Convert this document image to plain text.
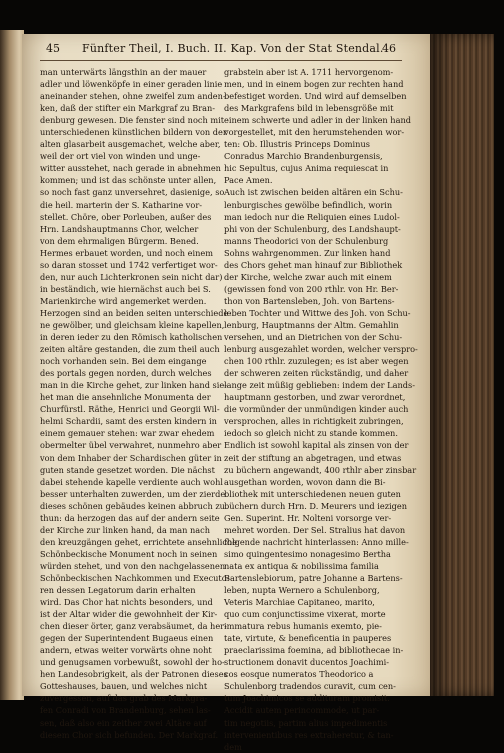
45 Fünfter Theil, I. Buch. II. Kap. Von der Stat Stendal.
46
man unterwärts längsthin an der mauer
adler und löwenköpfe in einer geraden linie
aneinander stehen, ohne zweifel zum anden-
ken, daß der stifter ein Markgraf zu Bran-
denburg gewesen. Die fenster sind noch mit
unterschiedenen künstlichen bildern von der
alten glasarbeit ausgemachet, welche aber,
weil der ort viel von winden und unge-
witter ausstehet, nach gerade in abnehmen
kommen; und ist das schönste unter allen,
so noch fast ganz unversehret, dasienige, so
die heil. marterin der S. Katharine vor-
stellet. Chöre, ober Porleuben, außer des
Hrn. Landshauptmanns Chor, welcher
von dem ehrmaligen Bürgerm. Bened.
Hermes erbauet worden, und noch einem
so daran stosset und 1742 verfertiget wor-
den, nur auch Lichterkronen sein nicht dar)
in beständich, wie hiernächst auch bei S.
Marienkirche wird angemerket werden.
Herzogen sind an beiden seiten unterschiede-
ne gewölber, und gleichsam kleine kapellen,
in deren ieder zu den Römisch katholischen
zeiten altäre gestanden, die zum theil auch
noch vorhanden sein. Bei dem eingange
des portals gegen norden, durch welches
man in die Kirche gehet, zur linken hand sie-
het man die ansehnliche Monumenta der
Churfürstl. Räthe, Henrici und Georgii Wil-
helmi Schardii, samt des ersten kindern in
einem gemauer stehen: war zwar ehedem
obermelter übel verwahret, nunmehro aber
von dem Inhaber der Schardischen güter in
guten stande gesetzet worden. Die nächst
dabei stehende kapelle verdiente auch wohl
besser unterhalten zuwerden, um der zierde
dieses schönen gebäudes keinen abbruch zu
thun: da herzogen das auf der andern seite
der Kirche zur linken hand, da man nach
den kreuzgängen gehet, errichtete ansehnliche
Schönbeckische Monument noch in seinen
würden stehet, und von den nachgelassenen
Schönbeckischen Nachkommen und Executo-
ren dessen Legatorum darin erhalten
wird. Das Chor hat nichts besonders, und
ist der Altar wider die gewohnheit der Kir-
chen dieser örter, ganz verabsäumet, da her-
gegen der Superintendent Bugaeus einen
andern, etwas weiter vorwärts ohne noht
und genugsamen vorbewußt, sowohl der ho-
hen Landesobrigkeit, als der Patronen dieses
Gotteshauses, bauen, und welches nicht
zuvergessen, auf das grab des Markgra-
fen Conradi von Brandenburg, sehen las-
sen, daß also ein zeither zwei Altäre auf
diesem Chor sich befunden. Der Markgraf.
grabstein aber ist A. 1711 hervorgenom-
men, und in einem bogen zur rechten hand
befestiget worden. Und wird auf demselben
des Markgrafens bild in lebensgröße mit
einem schwerte und adler in der linken hand
vorgestellet, mit den herumstehenden wor-
ten: Ob. Illustris Princeps Dominus
Conradus Marchio Brandenburgensis,
hic Sepultus, cujus Anima requiescat in
Pace Amen.
Auch ist zwischen beiden altären ein Schu-
lenburgisches gewölbe befindlich, worin
man iedoch nur die Reliquien eines Ludol-
phi von der Schulenburg, des Landshaupt-
manns Theodorici von der Schulenburg
Sohns wahrgenommen. Zur linken hand
des Chors gehet man hinauf zur Bibliothek
der Kirche, welche zwar auch mit einem
(gewissen fond von 200 rthlr. von Hr. Ber-
thon von Bartensleben, Joh. von Bartens-
leben Tochter und Wittwe des Joh. von Schu-
lenburg, Hauptmanns der Altm. Gemahlin
versehen, und an Dietrichen von der Schu-
lenburg ausgezahlet worden, welcher verspro-
chen 100 rthlr. zuzulegen; es ist aber wegen
der schweren zeiten rückständig, und daher
lange zeit müßig geblieben: indem der Lands-
hauptmann gestorben, und zwar verordnet,
die vormünder der unmündigen kinder auch
versprochen, alles in richtigkeit zubringen,
iedoch so gleich nicht zu stande kommen.
Endlich ist sowohl kapital als zinsen von der
zeit der stiftung an abgetragen, und etwas
zu büchern angewandt, 400 rthlr aber zinsbar
ausgethan worden, wovon dann die Bi-
bliothek mit unterschiedenen neuen guten
büchern durch Hrn. D. Meurers und iezigen
Gen. Superint. Hr. Nolteni vorsorge ver-
mehret worden. Der Sel. Stralius hat davon
folgende nachricht hinterlassen: Anno mille-
simo quingentesimo nonagesimo Bertha
nata ex antiqua & nobilissima familia
Bartenslebiorum, patre Johanne a Bartens-
leben, nupta Wernero a Schulenborg,
Veteris Marchiae Capitaneo, marito,
quo cum conjunctissime vixerat, morte
immatura rebus humanis exemto, pie-
tate, virtute, & beneficentia in pauperes
praeclarissima foemina, ad bibliothecae in-
structionem donavit ducentos Joachimi-
cos eosque numeratos Theodorico a
Schulenborg tradendos curavit, cum cen-
tum Joachimicos se addituram promisit.
Accidit autem perincommode, ut par-
tim negotiis, partim alius impedimentis
intervenientibus res extraheretur, & tan-
dem
